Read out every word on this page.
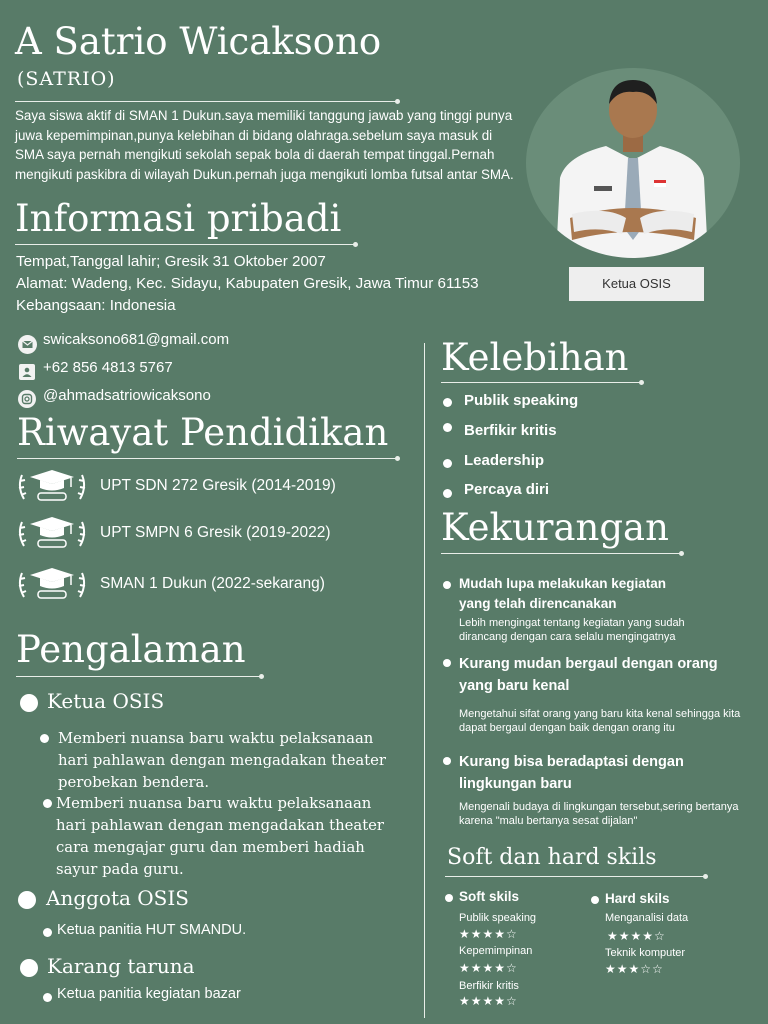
A Satrio Wicaksono
(SATRIO)
Saya siswa aktif di SMAN 1 Dukun.saya memiliki tanggung jawab yang tinggi punya juwa kepemimpinan,punya kelebihan di bidang olahraga.sebelum saya masuk di SMA saya pernah mengikuti sekolah sepak bola di daerah tempat tinggal.Pernah mengikuti paskibra di wilayah Dukun.pernah juga mengikuti lomba futsal antar SMA.
Ketua OSIS
Informasi pribadi
Tempat,Tanggal lahir; Gresik 31 Oktober 2007
Alamat: Wadeng, Kec. Sidayu, Kabupaten Gresik, Jawa Timur 61153
Kebangsaan: Indonesia
swicaksono681@gmail.com
+62 856 4813 5767
@ahmadsatriowicaksono
Riwayat Pendidikan
UPT SDN 272 Gresik (2014-2019)
UPT SMPN 6 Gresik (2019-2022)
SMAN 1 Dukun (2022-sekarang)
Pengalaman
Ketua OSIS
Memberi nuansa baru waktu pelaksanaan hari pahlawan dengan mengadakan theater perobekan bendera.
Memberi nuansa baru waktu pelaksanaan hari pahlawan dengan mengadakan theater cara mengajar guru dan memberi hadiah sayur pada guru.
Anggota OSIS
Ketua panitia HUT SMANDU.
Karang taruna
Ketua panitia kegiatan bazar
Kelebihan
Publik speaking
Berfikir kritis
Leadership
Percaya diri
Kekurangan
Mudah lupa melakukan kegiatan yang telah direncanakan
Lebih mengingat tentang kegiatan yang sudah dirancang dengan cara selalu mengingatnya
Kurang mudan bergaul dengan orang yang baru kenal
Mengetahui sifat orang yang baru kita kenal sehingga kita dapat bergaul dengan baik dengan orang itu
Kurang bisa beradaptasi dengan lingkungan baru
Mengenali budaya di lingkungan tersebut,sering bertanya karena "malu bertanya sesat dijalan"
Soft dan hard skils
Soft skils
Publik speaking
★★★★☆
Kepemimpinan
★★★★☆
Berfikir kritis
★★★★☆
Hard skils
Menganalisi data
★★★★☆
Teknik komputer
★★★☆☆
